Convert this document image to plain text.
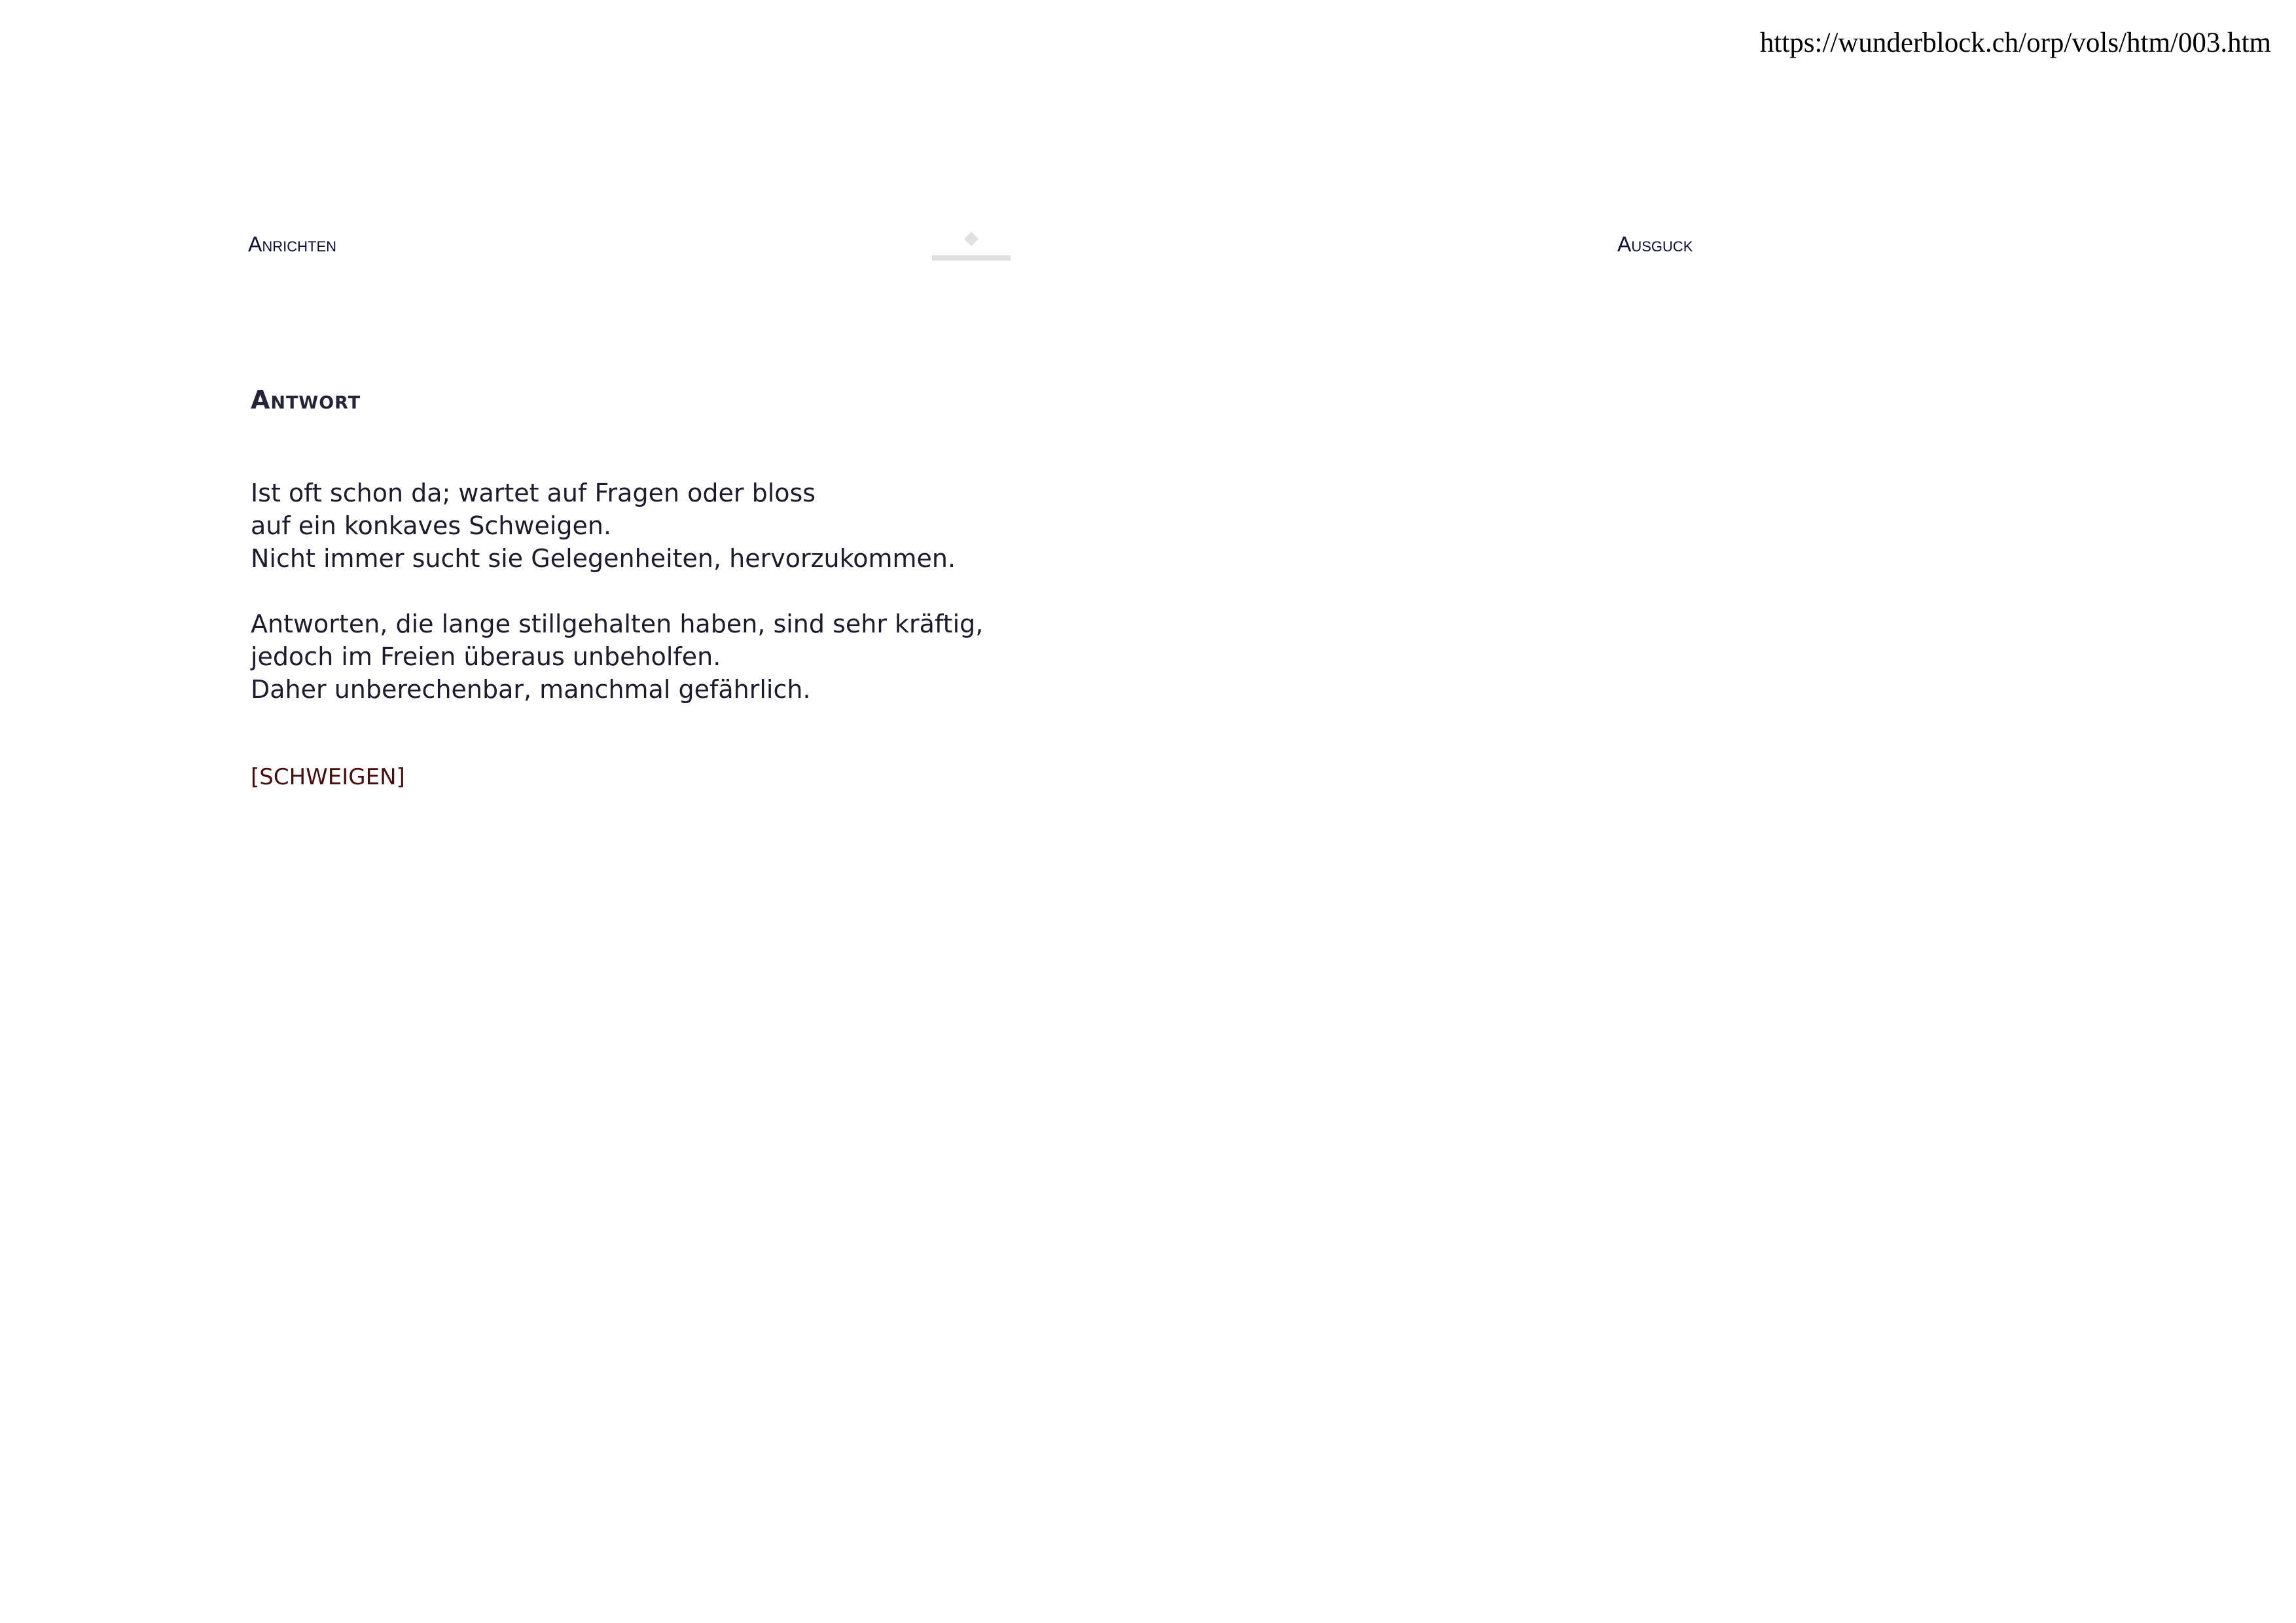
https://wunderblock.ch/orp/vols/htm/003.htm
Anrichten	Ausguck
Antwort

Ist oft schon da; wartet auf Fragen oder bloss
auf ein konkaves Schweigen.
Nicht immer sucht sie Gelegenheiten, hervorzukommen.

Antworten, die lange stillgehalten haben, sind sehr kräftig,
jedoch im Freien überaus unbeholfen.
Daher unberechenbar, manchmal gefährlich.

[SCHWEIGEN]
